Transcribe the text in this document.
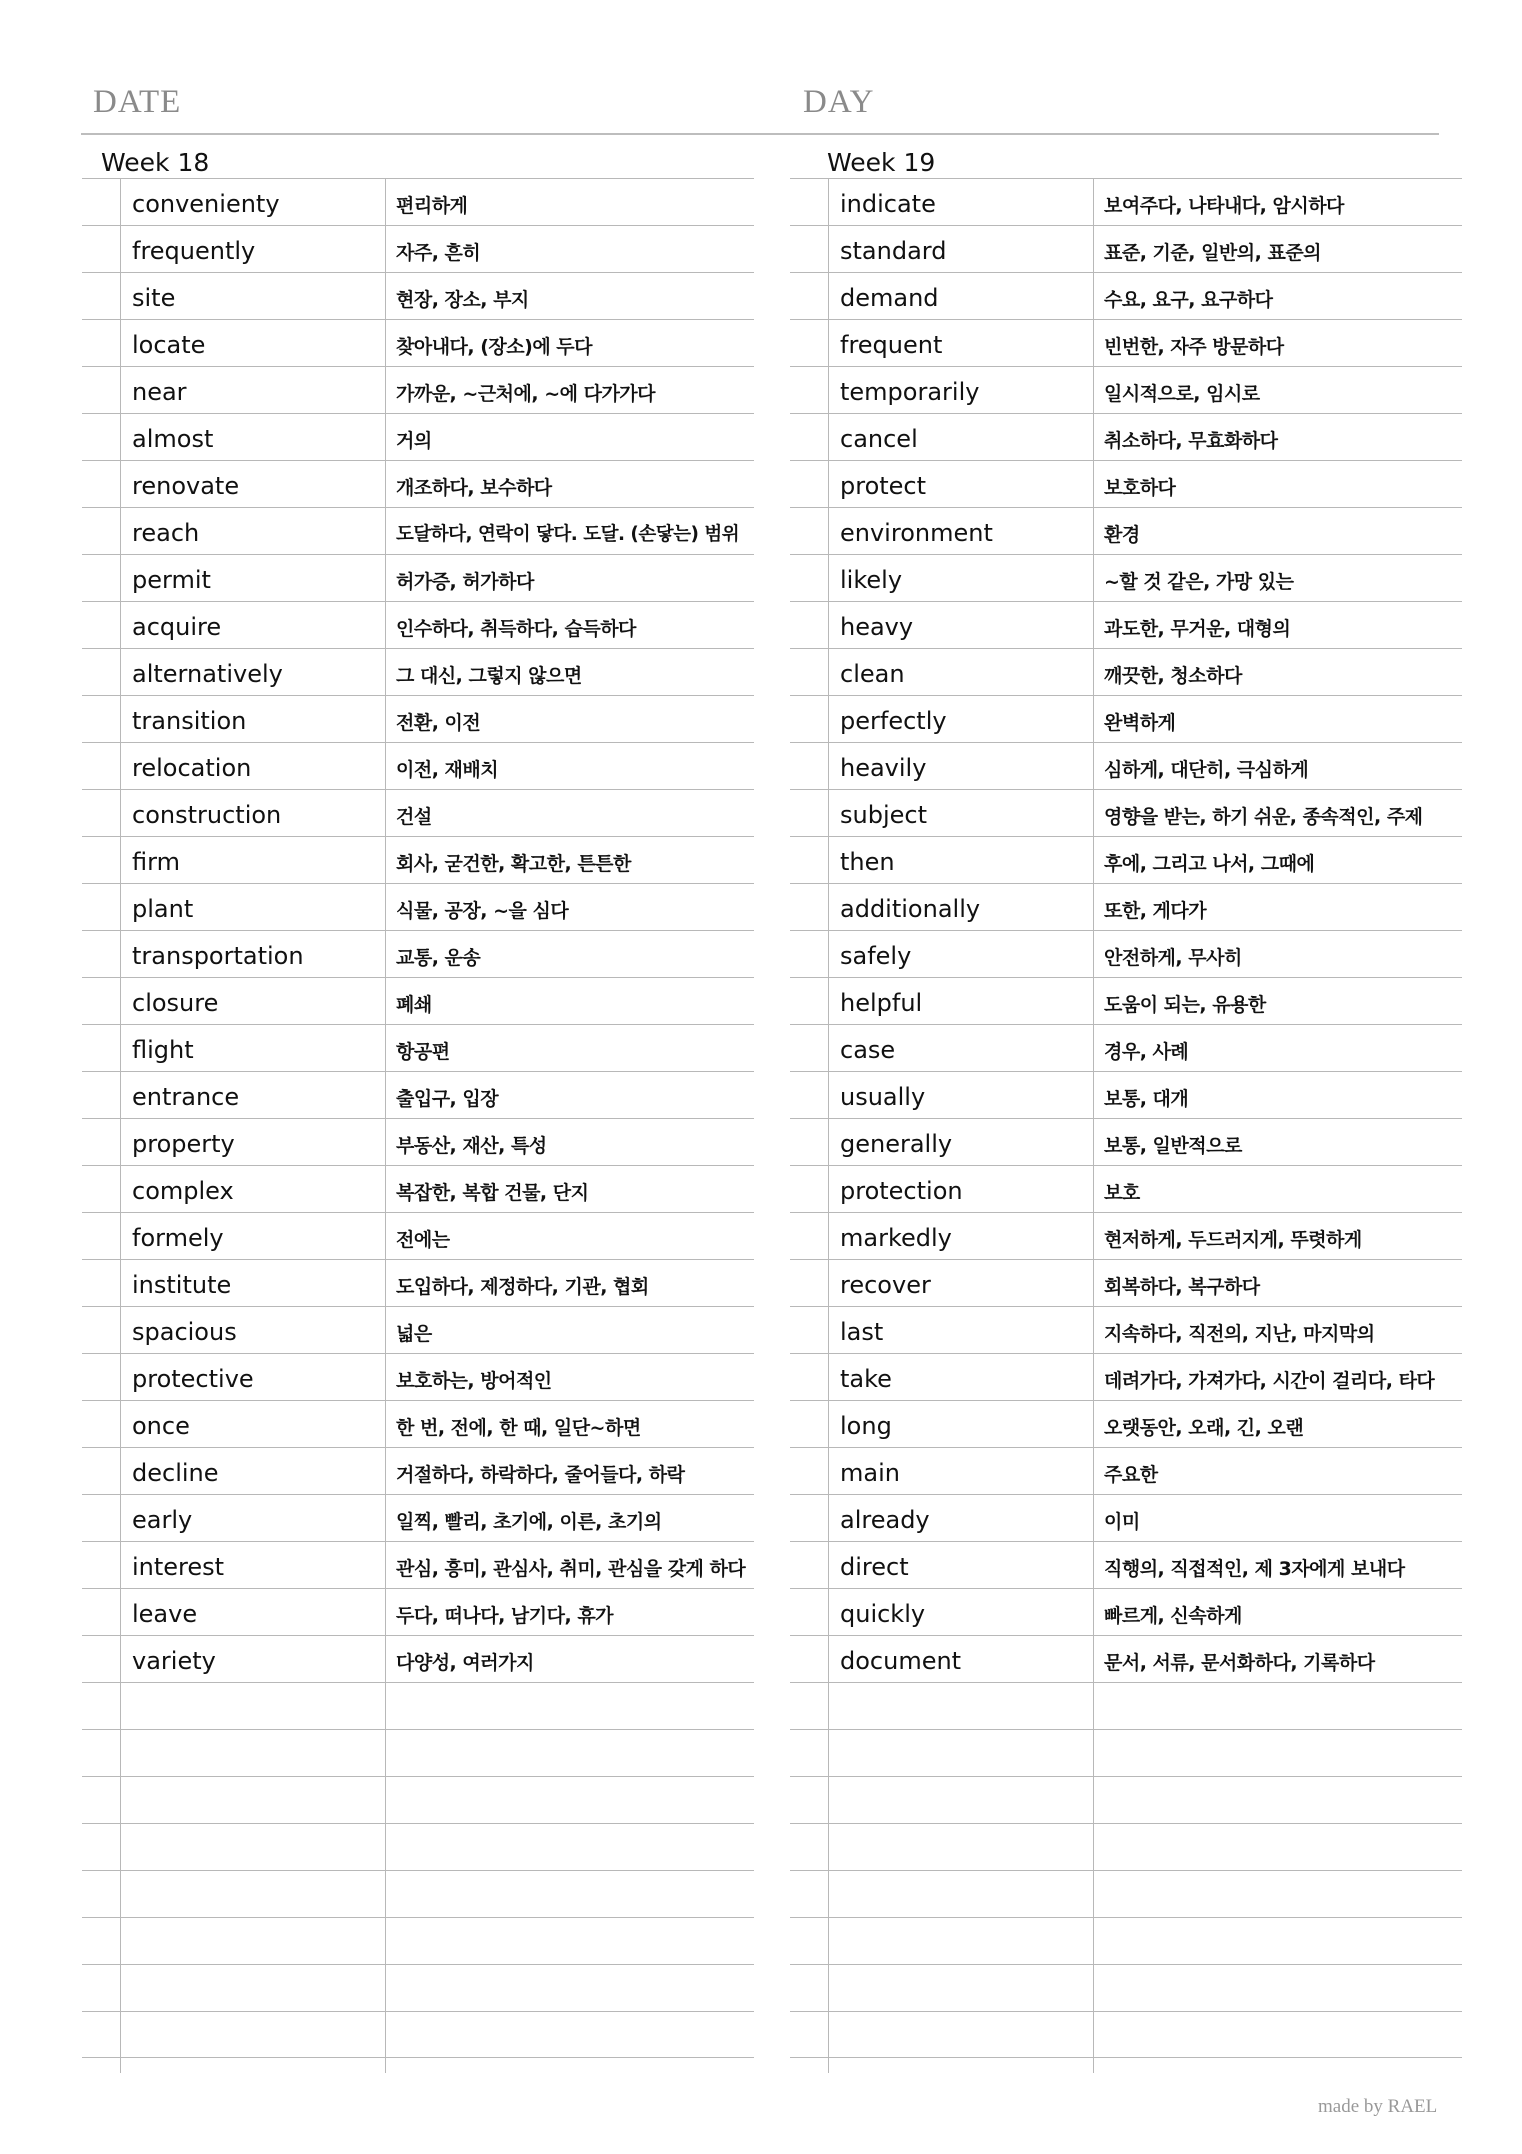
DATE	DAY
Week 18	Week 19
convenienty	편리하게
frequently	자주, 흔히
site	현장, 장소, 부지
locate	찾아내다, (장소)에 두다
near	가까운, ~근처에, ~에 다가가다
almost	거의
renovate	개조하다, 보수하다
reach	도달하다, 연락이 닿다. 도달. (손닿는) 범위
permit	허가증, 허가하다
acquire	인수하다, 취득하다, 습득하다
alternatively	그 대신, 그렇지 않으면
transition	전환, 이전
relocation	이전, 재배치
construction	건설
firm	회사, 굳건한, 확고한, 튼튼한
plant	식물, 공장, ~을 심다
transportation	교통, 운송
closure	폐쇄
flight	항공편
entrance	출입구, 입장
property	부동산, 재산, 특성
complex	복잡한, 복합 건물, 단지
formely	전에는
institute	도입하다, 제정하다, 기관, 협회
spacious	넓은
protective	보호하는, 방어적인
once	한 번, 전에, 한 때, 일단~하면
decline	거절하다, 하락하다, 줄어들다, 하락
early	일찍, 빨리, 초기에, 이른, 초기의
interest	관심, 흥미, 관심사, 취미, 관심을 갖게 하다
leave	두다, 떠나다, 남기다, 휴가
variety	다양성, 여러가지
indicate	보여주다, 나타내다, 암시하다
standard	표준, 기준, 일반의, 표준의
demand	수요, 요구, 요구하다
frequent	빈번한, 자주 방문하다
temporarily	일시적으로, 임시로
cancel	취소하다, 무효화하다
protect	보호하다
environment	환경
likely	~할 것 같은, 가망 있는
heavy	과도한, 무거운, 대형의
clean	깨끗한, 청소하다
perfectly	완벽하게
heavily	심하게, 대단히, 극심하게
subject	영향을 받는, 하기 쉬운, 종속적인, 주제
then	후에, 그리고 나서, 그때에
additionally	또한, 게다가
safely	안전하게, 무사히
helpful	도움이 되는, 유용한
case	경우, 사례
usually	보통, 대개
generally	보통, 일반적으로
protection	보호
markedly	현저하게, 두드러지게, 뚜렷하게
recover	회복하다, 복구하다
last	지속하다, 직전의, 지난, 마지막의
take	데려가다, 가져가다, 시간이 걸리다, 타다
long	오랫동안, 오래, 긴, 오랜
main	주요한
already	이미
direct	직행의, 직접적인, 제 3자에게 보내다
quickly	빠르게, 신속하게
document	문서, 서류, 문서화하다, 기록하다
made by RAEL
